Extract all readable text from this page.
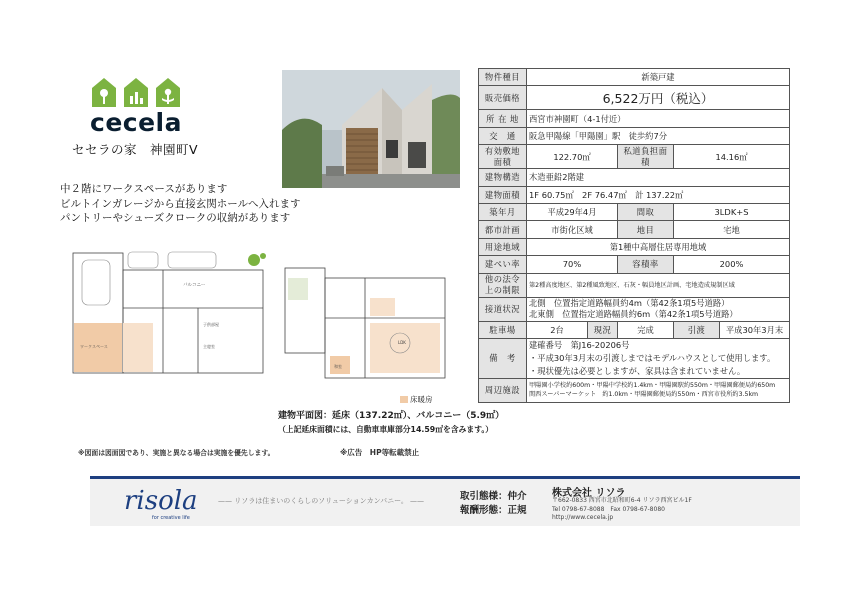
cecela
セセラの家　神園町Ⅴ
中２階にワークスペースがあります
ビルトインガレージから直接玄関ホールへ入れます
パントリーやシューズクロークの収納があります
バルコニー
子供部屋
主寝室
ワークスペース
LDK
和室
床暖房
建物平面図：延床（137.22㎡）、バルコニー（5.9㎡）
（上記延床面積には、自動車車庫部分14.59㎡を含みます。）
※図面は図面図であり、実施と異なる場合は実施を優先します。	※広告　HP等転載禁止
物件種目	新築戸建				
販売価格	6,522万円（税込）				
所 在 地	西宮市神園町（4-1付近）				
交　通	阪急甲陽線「甲陽園」駅　徒歩約7分				
有効敷地面積	122.70㎡		私道負担面積	14.16㎡	
建物構造	木造亜鉛2階建				
建物面積	1F 60.75㎡　2F 76.47㎡　計 137.22㎡				
築年月	平成29年4月		間取	3LDK+S	
都市計画	市街化区域		地目	宅地	
用途地域	第1種中高層住居専用地域				
建ぺい率	70%		容積率	200%	
他の法令上の制限	第2種高度地区、第2種風致地区、石灰・幅員地区計画、宅地造成規制区域				
接道状況	北側　位置指定道路幅員約4m（第42条1項5号道路）
北東側　位置指定道路幅員約6m（第42条1項5号道路）				

駐車場	2台	現況	完成	引渡	平成30年3月末
備　考	建確番号　第J16-20206号
・平成30年3月末の引渡しまではモデルハウスとして使用します。
・現状優先は必要としますが、家具は含まれていません。				

周辺施設	甲陽園小学校約600m・甲陽中学校約1.4km・甲陽園駅約550m・甲陽園郵便局約650m
関西スーパーマーケット　約1.0km・甲陽園郵便局約550m・西宮市役所約3.5km				
risola
for creative life
—— リソラは住まいのくらしのソリューションカンパニー。 ——	取引態様：仲介
報酬形態：正規
株式会社 リソラ
〒662-0833 西宮市北昭和町6-4 リソラ西宮ビル1F
Tel 0798-67-8088　Fax 0798-67-8080
http://www.cecela.jp
